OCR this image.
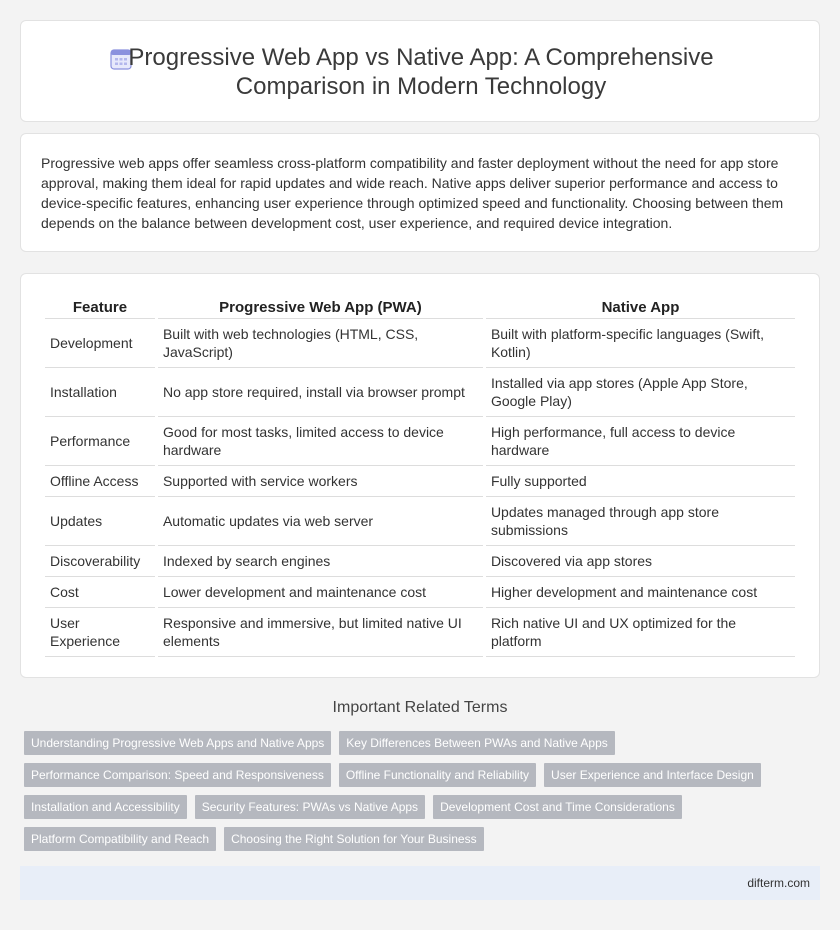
Progressive Web App vs Native App: A Comprehensive Comparison in Modern Technology

Progressive web apps offer seamless cross-platform compatibility and faster deployment without the need for app store approval, making them ideal for rapid updates and wide reach. Native apps deliver superior performance and access to device-specific features, enhancing user experience through optimized speed and functionality. Choosing between them depends on the balance between development cost, user experience, and required device integration.

Feature	Progressive Web App (PWA)	Native App
Development	Built with web technologies (HTML, CSS, JavaScript)	Built with platform-specific languages (Swift, Kotlin)
Installation	No app store required, install via browser prompt	Installed via app stores (Apple App Store, Google Play)
Performance	Good for most tasks, limited access to device hardware	High performance, full access to device hardware
Offline Access	Supported with service workers	Fully supported
Updates	Automatic updates via web server	Updates managed through app store submissions
Discoverability	Indexed by search engines	Discovered via app stores
Cost	Lower development and maintenance cost	Higher development and maintenance cost
User Experience	Responsive and immersive, but limited native UI elements	Rich native UI and UX optimized for the platform
Important Related Terms
Understanding Progressive Web Apps and Native Apps	Key Differences Between PWAs and Native Apps
Performance Comparison: Speed and Responsiveness	Offline Functionality and Reliability	User Experience and Interface Design
Installation and Accessibility	Security Features: PWAs vs Native Apps	Development Cost and Time Considerations
Platform Compatibility and Reach	Choosing the Right Solution for Your Business
difterm.com
